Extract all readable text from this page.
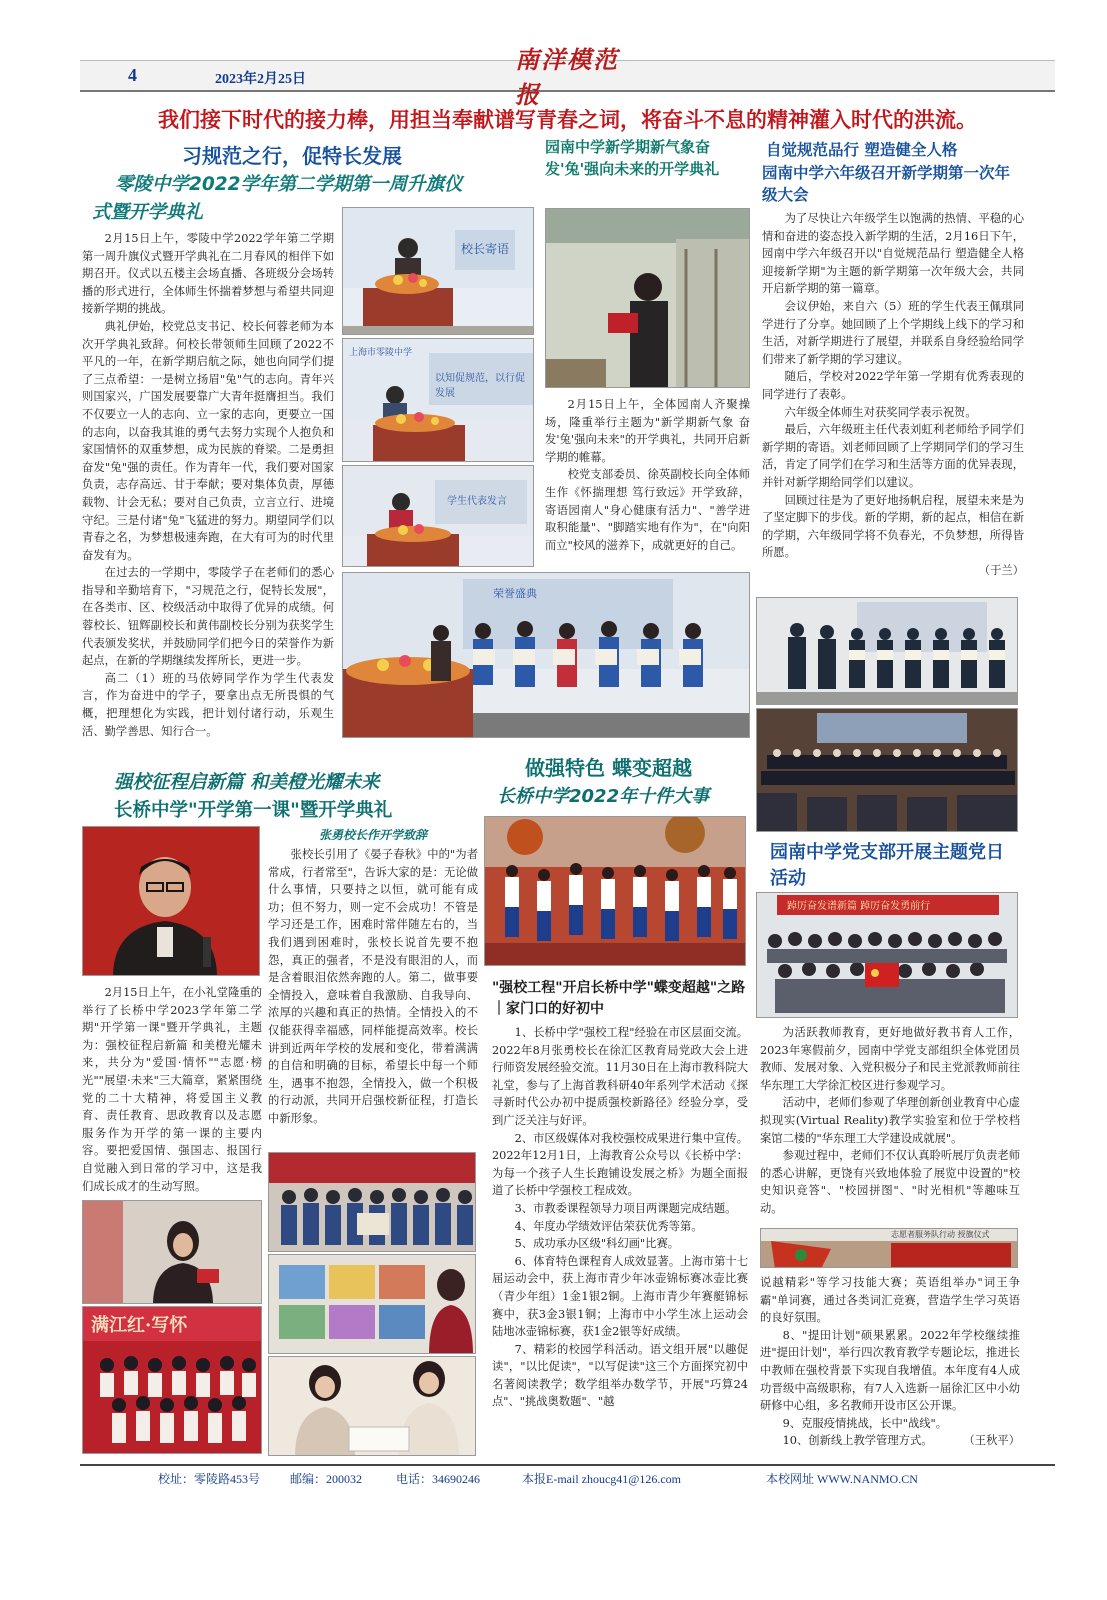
4	2023年2月25日
南洋模范报
我们接下时代的接力棒，用担当奉献谱写青春之词，将奋斗不息的精神灌入时代的洪流。
习规范之行，促特长发展
零陵中学2022学年第二学期第一周升旗仪
式暨开学典礼

2月15日上午，零陵中学2022学年第二学期第一周升旗仪式暨开学典礼在二月春风的相伴下如期召开。仪式以五楼主会场直播、各班级分会场转播的形式进行，全体师生怀揣着梦想与希望共同迎接新学期的挑战。

典礼伊始，校党总支书记、校长何蓉老师为本次开学典礼致辞。何校长带领师生回顾了2022不平凡的一年，在新学期启航之际，她也向同学们提了三点希望：一是树立扬眉"兔"气的志向。青年兴则国家兴，广国发展要靠广大青年挺膺担当。我们不仅要立一人的志向、立一家的志向，更要立一国的志向，以奋我其谁的勇气去努力实现个人抱负和家国情怀的双重梦想，成为民族的脊梁。二是勇担奋发"兔"强的责任。作为青年一代，我们要对国家负责，志存高远、甘于奉献；要对集体负责，厚德载物、计会无私；要对自己负责，立言立行、进境守纪。三是付诸"兔"飞猛进的努力。期望同学们以青春之名，为梦想极速奔跑，在大有可为的时代里奋发有为。

在过去的一学期中，零陵学子在老师们的悉心指导和辛勤培育下，"习规范之行，促特长发展"，在各类市、区、校级活动中取得了优异的成绩。何蓉校长、钮辉副校长和黄伟副校长分别为获奖学生代表颁发奖状，并鼓励同学们把今日的荣誉作为新起点，在新的学期继续发挥所长，更进一步。

高二（1）班的马依婷同学作为学生代表发言，作为奋进中的学子，要拿出点无所畏惧的气概，把理想化为实践，把计划付诸行动，乐观生活、勤学善思、知行合一。

校长寄语
上海市零陵中学
以知促规范，以行促发展
学生代表发言
荣誉盛典
园南中学新学期新气象奋发'兔'强向未来的开学典礼

2月15日上午，全体园南人齐聚操场，隆重举行主题为"新学期新气象 奋发'兔'强向未来"的开学典礼，共同开启新学期的帷幕。

校党支部委员、徐英副校长向全体师生作《怀揣理想 笃行致远》开学致辞，寄语园南人"身心健康有活力"、"善学进取积能量"、"脚踏实地有作为"，在"向阳而立"校风的滋养下，成就更好的自己。

自觉规范品行 塑造健全人格
园南中学六年级召开新学期第一次年级大会

为了尽快让六年级学生以饱满的热情、平稳的心情和奋进的姿态投入新学期的生活，2月16日下午，园南中学六年级召开以"自觉规范品行 塑造健全人格 迎接新学期"为主题的新学期第一次年级大会，共同开启新学期的第一篇章。

会议伊始，来自六（5）班的学生代表王佩琪同学进行了分享。她回顾了上个学期线上线下的学习和生活，对新学期进行了展望，并联系自身经验给同学们带来了新学期的学习建议。

随后，学校对2022学年第一学期有优秀表现的同学进行了表彰。

六年级全体师生对获奖同学表示祝贺。

最后，六年级班主任代表刘虹利老师给予同学们新学期的寄语。刘老师回顾了上学期同学们的学习生活，肯定了同学们在学习和生活等方面的优异表现，并针对新学期给同学们以建议。

回顾过往是为了更好地扬帆启程，展望未来是为了坚定脚下的步伐。新的学期，新的起点，相信在新的学期，六年级同学将不负春光，不负梦想，所得皆所愿。

（于兰）

强校征程启新篇 和美橙光耀未来
长桥中学"开学第一课"暨开学典礼
张勇校长作开学致辞

张校长引用了《晏子春秋》中的"为者常成，行者常至"，告诉大家的是：无论做什么事情，只要持之以恒，就可能有成功；但不努力，则一定不会成功！不管是学习还是工作，困难时常伴随左右的，当我们遇到困难时，张校长说首先要不抱怨，真正的强者，不是没有眼泪的人，而是含着眼泪依然奔跑的人。第二，做事要全情投入，意味着自我激励、自我导向、浓厚的兴趣和真正的热情。全情投入的不仅能获得幸福感，同样能提高效率。校长讲到近两年学校的发展和变化，带着满满的自信和明确的目标，希望长中每一个师生，遇事不抱怨，全情投入，做一个积极的行动派，共同开启强校新征程，打造长中新形象。

2月15日上午，在小礼堂隆重的举行了长桥中学2023学年第二学期"开学第一课"暨开学典礼，主题为：强校征程启新篇 和美橙光耀未来，共分为"爱国·情怀""志愿·榜光""展望·未来"三大篇章，紧紧围绕党的二十大精神，将爱国主义教育、责任教育、思政教育以及志愿服务作为开学的第一课的主要内容。要把爱国情、强国志、报国行自觉融入到日常的学习中，这是我们成长成才的生动写照。

满江红·写怀
做强特色 蝶变超越
长桥中学2022年十件大事
"强校工程"开启长桥中学"蝶变超越"之路｜家门口的好初中

1、长桥中学"强校工程"经验在市区层面交流。2022年8月张勇校长在徐汇区教育局党政大会上进行师资发展经验交流。11月30日在上海市教科院大礼堂，参与了上海首教科研40年系列学术活动《探寻新时代公办初中提质强校新路径》经验分享，受到广泛关注与好评。

2、市区级媒体对我校强校成果进行集中宣传。2022年12月1日，上海教育公众号以《长桥中学：为每一个孩子人生长跑铺设发展之桥》为题全面报道了长桥中学强校工程成效。

3、市教委课程领导力项目两课题完成结题。

4、年度办学绩效评估荣获优秀等第。

5、成功承办区级"科幻画"比赛。

6、体育特色课程育人成效显著。上海市第十七届运动会中，获上海市青少年冰壶锦标赛冰壶比赛（青少年组）1金1银2铜。上海市青少年赛艇锦标赛中，获3金3银1铜；上海市中小学生冰上运动会陆地冰壶锦标赛，获1金2银等好成绩。

7、精彩的校园学科活动。语文组开展"以趣促读"，"以比促读"，"以写促读"这三个方面探究初中名著阅读教学；数学组举办数学节，开展"巧算24点"、"挑战奥数题"、"越

园南中学党支部开展主题党日活动
踔厉奋发谱新篇 踔厉奋发勇前行

为活跃教师教育，更好地做好教书育人工作，2023年寒假前夕，园南中学党支部组织全体党团员教师、发展对象、入党积极分子和民主党派教师前往华东理工大学徐汇校区进行参观学习。

活动中，老师们参观了华理创新创业教育中心虚拟现实(Virtual Reality)教学实验室和位于学校档案馆二楼的"华东理工大学建设成就展"。

参观过程中，老师们不仅认真聆听展厅负责老师的悉心讲解，更饶有兴致地体验了展览中设置的"校史知识竞答"、"校园拼图"、"时光相机"等趣味互动。

志愿者服务队行动 授旗仪式

说越精彩"等学习技能大赛；英语组举办"词王争霸"单词赛，通过各类词汇竞赛，营造学生学习英语的良好氛围。

8、"提田计划"硕果累累。2022年学校继续推进"提田计划"，举行四次教育教学专题论坛，推进长中教师在强校背景下实现自我增值。本年度有4人成功晋级中高级职称，有7人入选新一届徐汇区中小幼研修中心组，多名教师开设市区公开课。

9、克服疫情挑战，长中"战线"。

10、创新线上教学管理方式。	（王秋平）

校址：零陵路453号 邮编：200032	电话：34690246	本报E-mail zhoucg41@126.com	本校网址 WWW.NANMO.CN
